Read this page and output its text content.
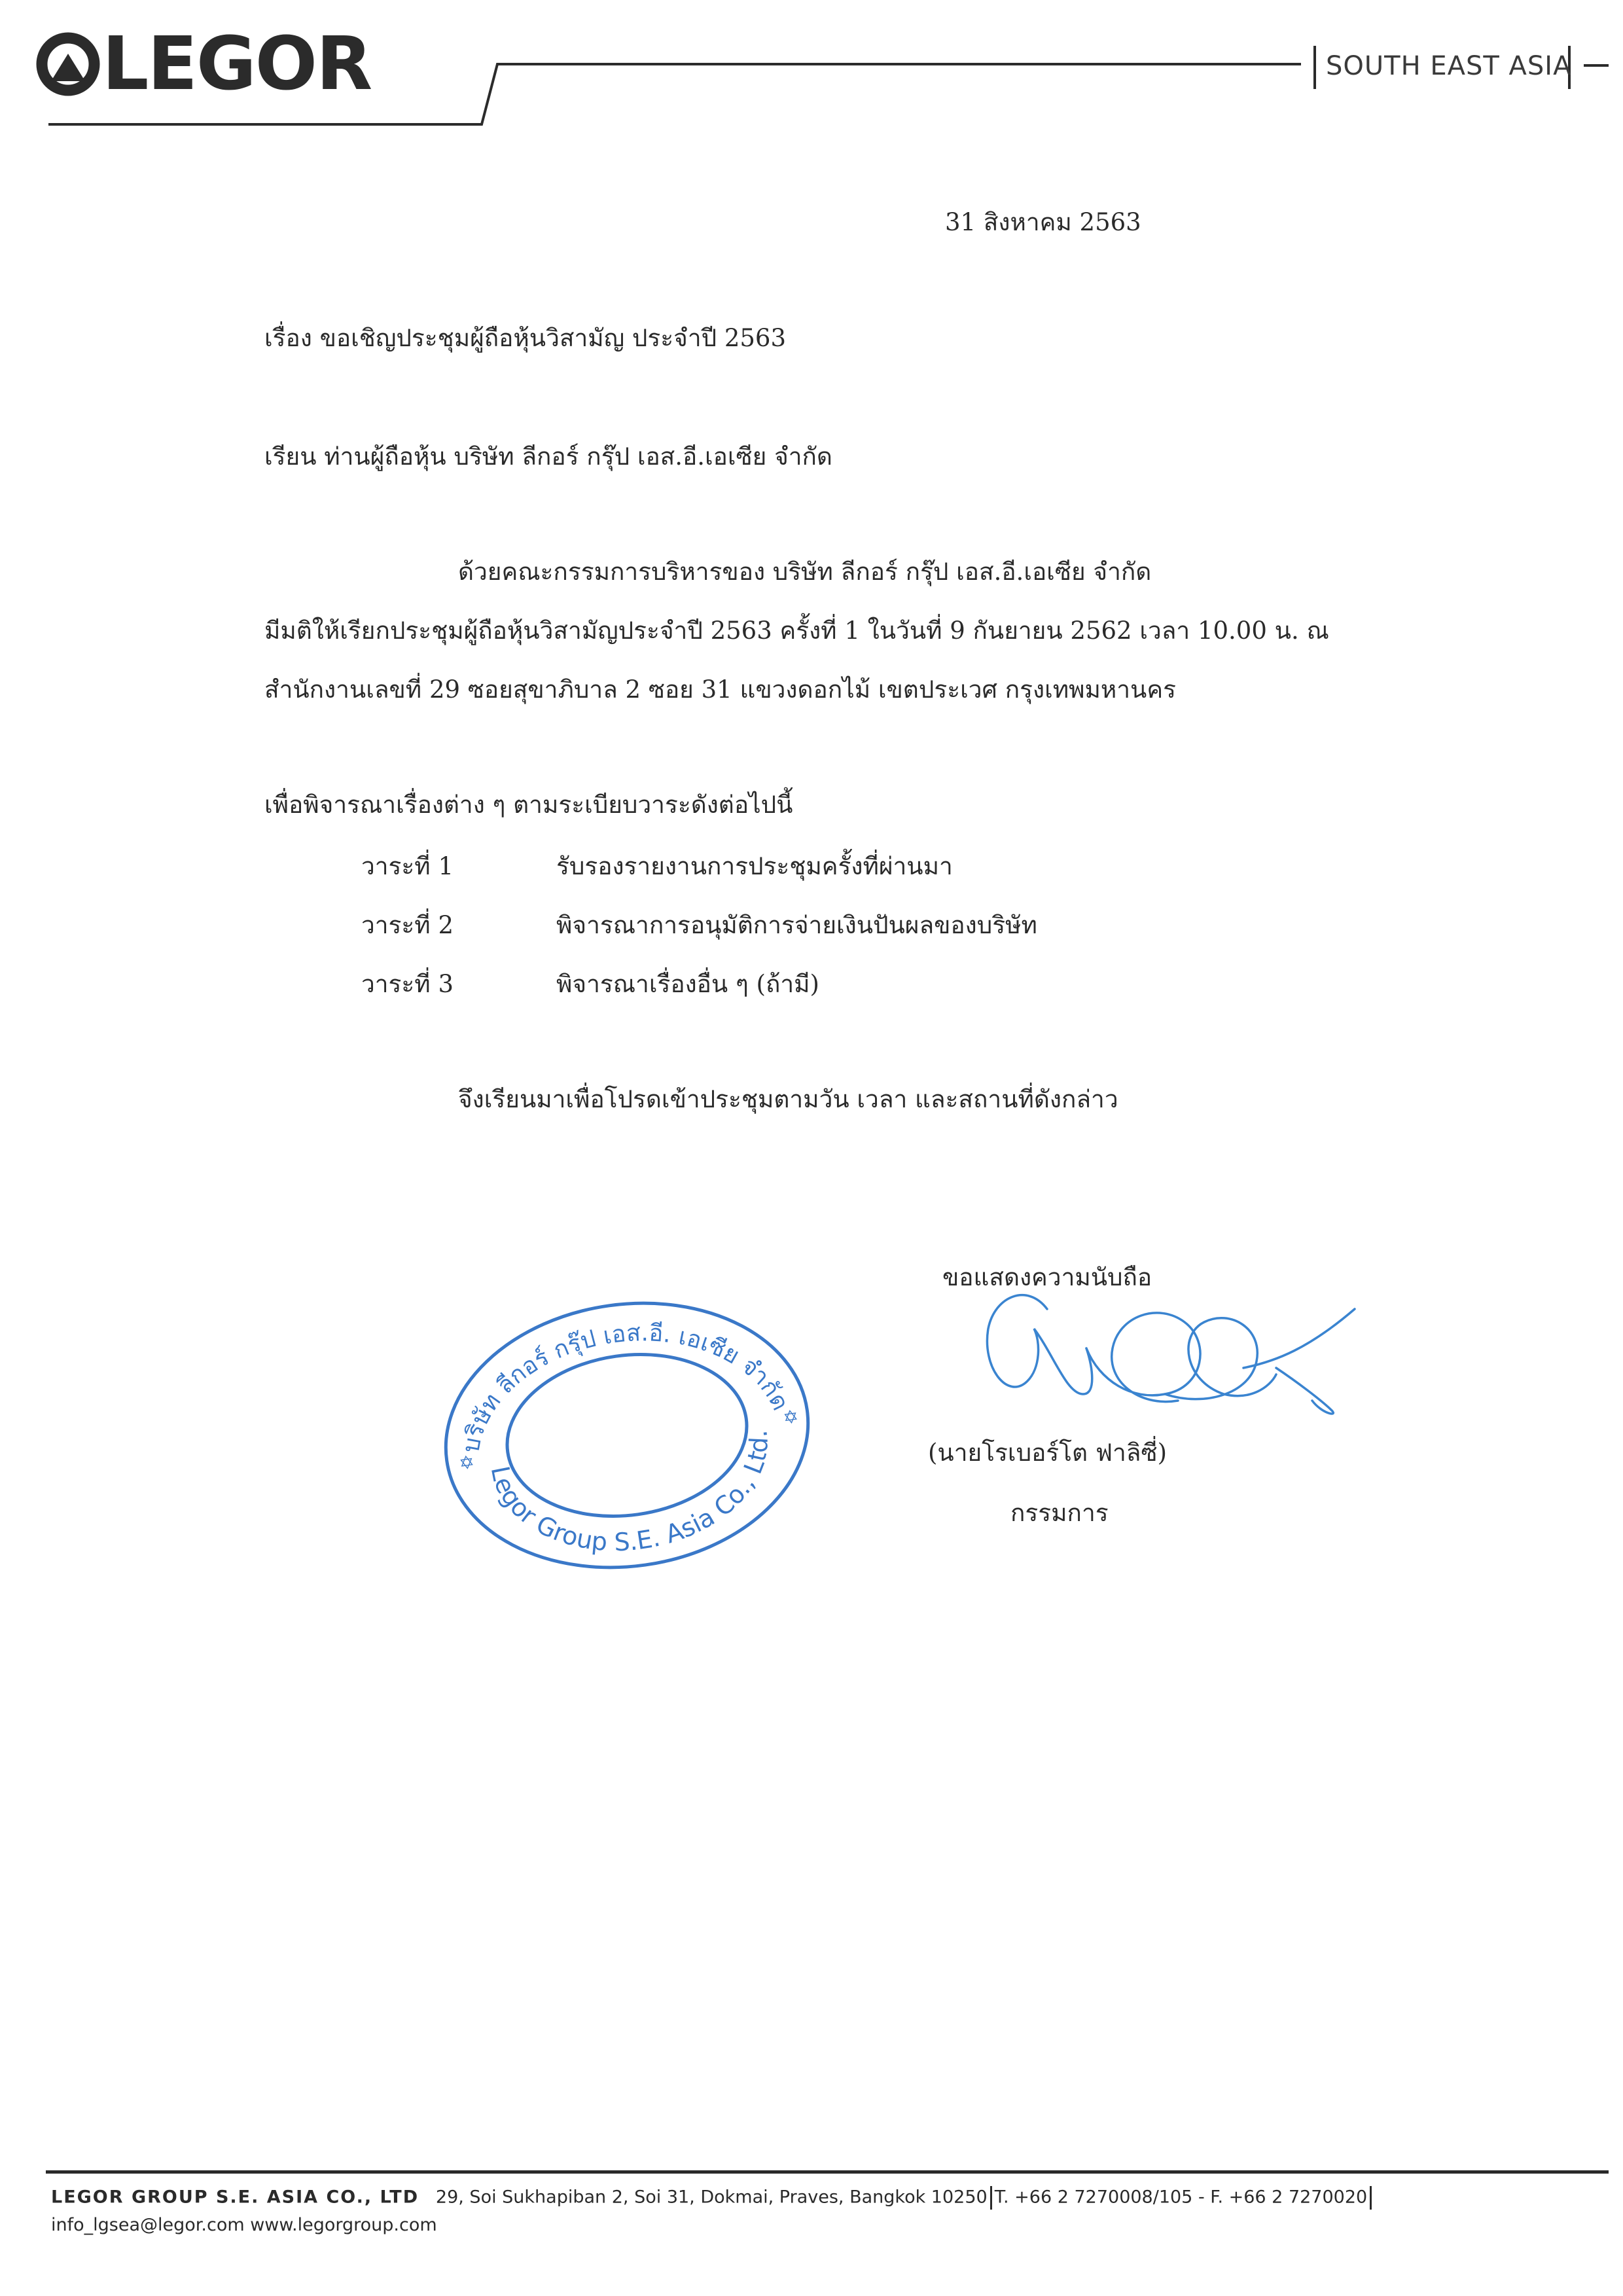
LEGOR	SOUTH EAST ASIA
31 สิงหาคม 2563
เรื่อง ขอเชิญประชุมผู้ถือหุ้นวิสามัญ ประจำปี 2563
เรียน ท่านผู้ถือหุ้น บริษัท ลีกอร์ กรุ๊ป เอส.อี.เอเซีย จำกัด
ด้วยคณะกรรมการบริหารของ บริษัท ลีกอร์ กรุ๊ป เอส.อี.เอเซีย จำกัด
มีมติให้เรียกประชุมผู้ถือหุ้นวิสามัญประจำปี 2563 ครั้งที่ 1 ในวันที่ 9 กันยายน 2562 เวลา 10.00 น. ณ
สำนักงานเลขที่ 29 ซอยสุขาภิบาล 2 ซอย 31 แขวงดอกไม้ เขตประเวศ กรุงเทพมหานคร
เพื่อพิจารณาเรื่องต่าง ๆ ตามระเบียบวาระดังต่อไปนี้
วาระที่ 1	รับรองรายงานการประชุมครั้งที่ผ่านมา
วาระที่ 2	พิจารณาการอนุมัติการจ่ายเงินปันผลของบริษัท
วาระที่ 3	พิจารณาเรื่องอื่น ๆ (ถ้ามี)
จึงเรียนมาเพื่อโปรดเข้าประชุมตามวัน เวลา และสถานที่ดังกล่าว
บริษัท ลีกอร์ กรุ๊ป เอส.อี. เอเซีย จำกัด
Legor Group S.E. Asia Co., Ltd.
✡
✡
ขอแสดงความนับถือ
(นายโรเบอร์โต ฟาลิซี่)
กรรมการ
LEGOR GROUP S.E. ASIA CO., LTD 29, Soi Sukhapiban 2, Soi 31, Dokmai, Praves, Bangkok 10250 T. +66 2 7270008/105 - F. +66 2 7270020
info_lgsea@legor.com www.legorgroup.com
